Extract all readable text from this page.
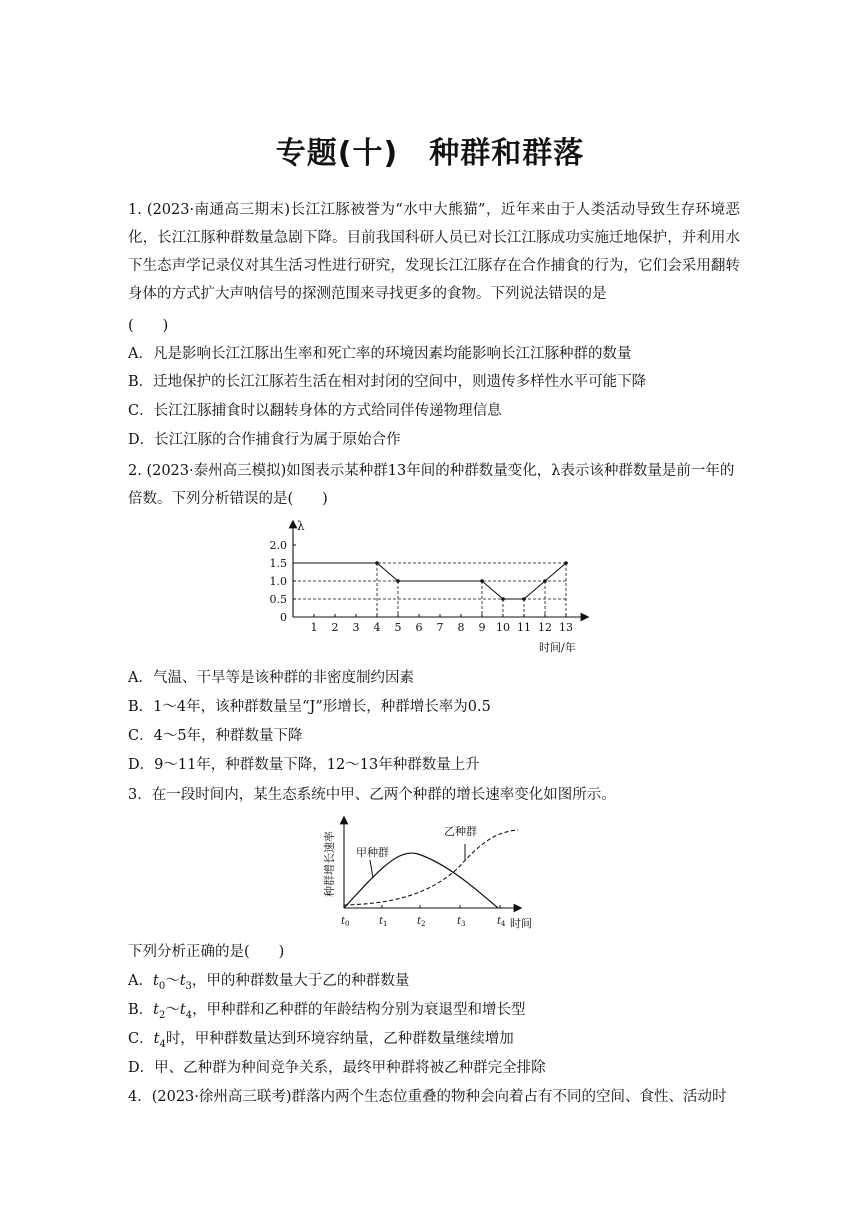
专题(十)　种群和群落
1. (2023·南通高三期末)长江江豚被誉为“水中大熊猫”，近年来由于人类活动导致生存环境恶化，长江江豚种群数量急剧下降。目前我国科研人员已对长江江豚成功实施迁地保护，并利用水下生态声学记录仪对其生活习性进行研究，发现长江江豚存在合作捕食的行为，它们会采用翻转身体的方式扩大声呐信号的探测范围来寻找更多的食物。下列说法错误的是
(　　)
A．凡是影响长江江豚出生率和死亡率的环境因素均能影响长江江豚种群的数量
B．迁地保护的长江江豚若生活在相对封闭的空间中，则遗传多样性水平可能下降
C．长江江豚捕食时以翻转身体的方式给同伴传递物理信息
D．长江江豚的合作捕食行为属于原始合作
2. (2023·泰州高三模拟)如图表示某种群13年间的种群数量变化，λ表示该种群数量是前一年的倍数。下列分析错误的是(　　)
λ
时间/年
0
0.5
1.0
1.5
2.0
1 2 3 4 5 6 7 8 9 10 11 12 13
A．气温、干旱等是该种群的非密度制约因素
B．1～4年，该种群数量呈“J”形增长，种群增长率为0.5
C．4～5年，种群数量下降
D．9～11年，种群数量下降，12～13年种群数量上升
3．在一段时间内，某生态系统中甲、乙两个种群的增长速率变化如图所示。
种群增长速率
时间
甲种群
乙种群
$t_0$	$t_1$	$t_2$	$t_3$	$t_4$
下列分析正确的是(　　)
A．$t_0\sim t_3$，甲的种群数量大于乙的种群数量
B．$t_2\sim t_4$，甲种群和乙种群的年龄结构分别为衰退型和增长型
C．$t_4$时，甲种群数量达到环境容纳量，乙种群数量继续增加
D．甲、乙种群为种间竞争关系，最终甲种群将被乙种群完全排除
4．(2023·徐州高三联考)群落内两个生态位重叠的物种会向着占有不同的空间、食性、活动时
